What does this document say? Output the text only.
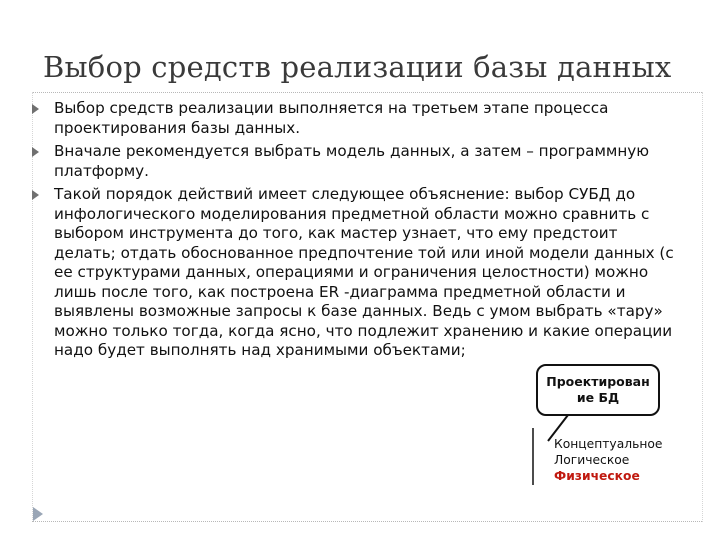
Выбор средств реализации базы данных
Выбор средств реализации выполняется на третьем этапе процесса
проектирования базы данных.
Вначале рекомендуется выбрать модель данных, а затем – программную
платформу.
Такой порядок действий имеет следующее объяснение: выбор СУБД до
инфологического моделирования предметной области можно сравнить с
выбором инструмента до того, как мастер узнает, что ему предстоит
делать; отдать обоснованное предпочтение той или иной модели данных (с
ее структурами данных, операциями и ограничения целостности) можно
лишь после того, как построена ER -диаграмма предметной области и
выявлены возможные запросы к базе данных. Ведь с умом выбрать «тару»
можно только тогда, когда ясно, что подлежит хранению и какие операции
надо будет выполнять над хранимыми объектами;
Проектирован
ие БД
Концептуальное
Логическое
Физическое
